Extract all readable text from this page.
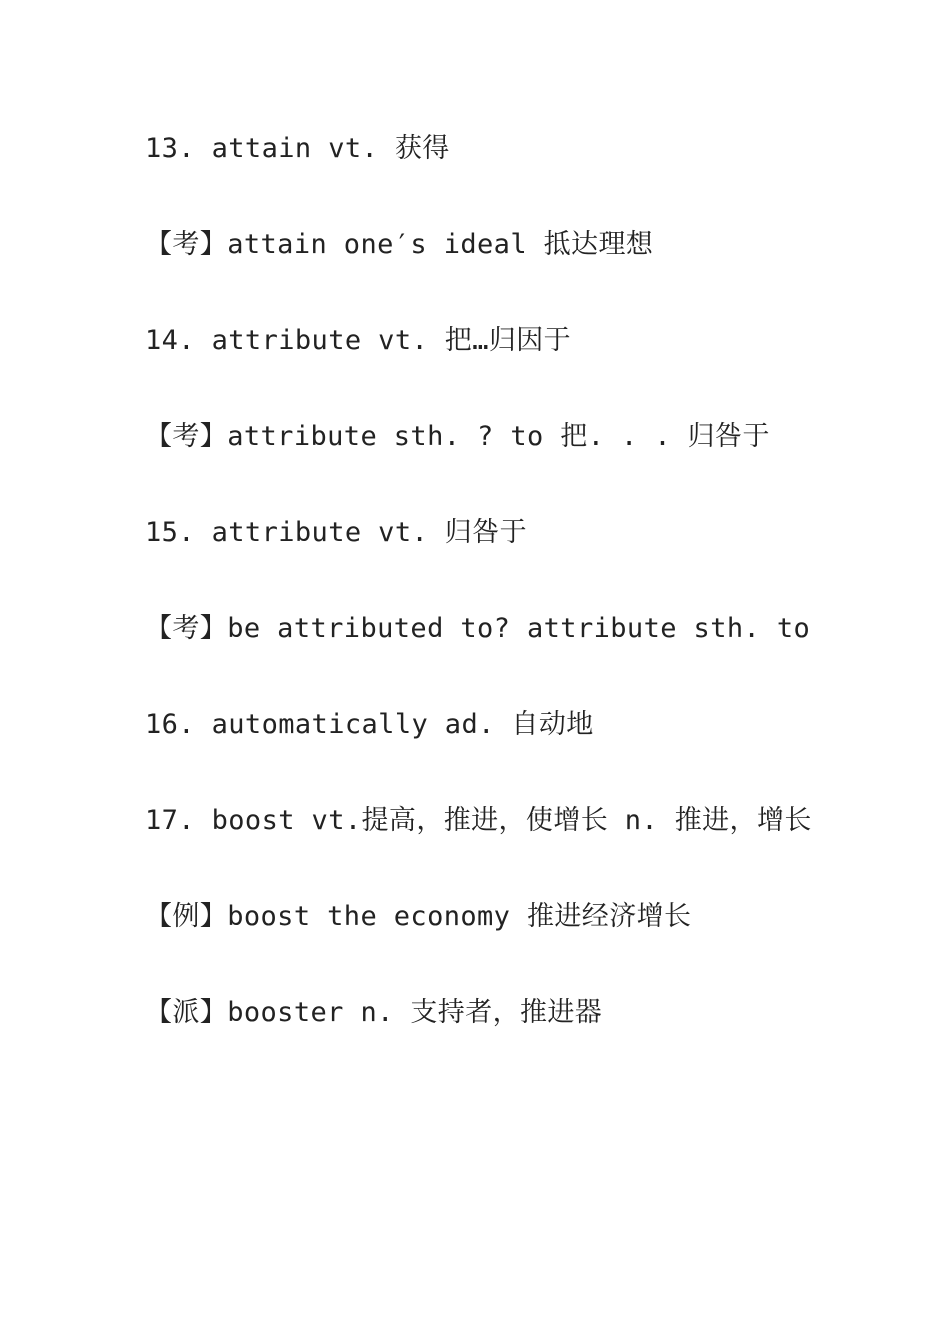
13. attain vt. 获得
【考】attain one′s ideal 抵达理想
14. attribute vt. 把…归因于
【考】attribute sth. ? to 把. . . 归咎于
15. attribute vt. 归咎于
【考】be attributed to? attribute sth. to
16. automatically ad. 自动地
17. boost vt.提高，推进，使增长 n. 推进，增长
【例】boost the economy 推进经济增长
【派】booster n. 支持者，推进器
